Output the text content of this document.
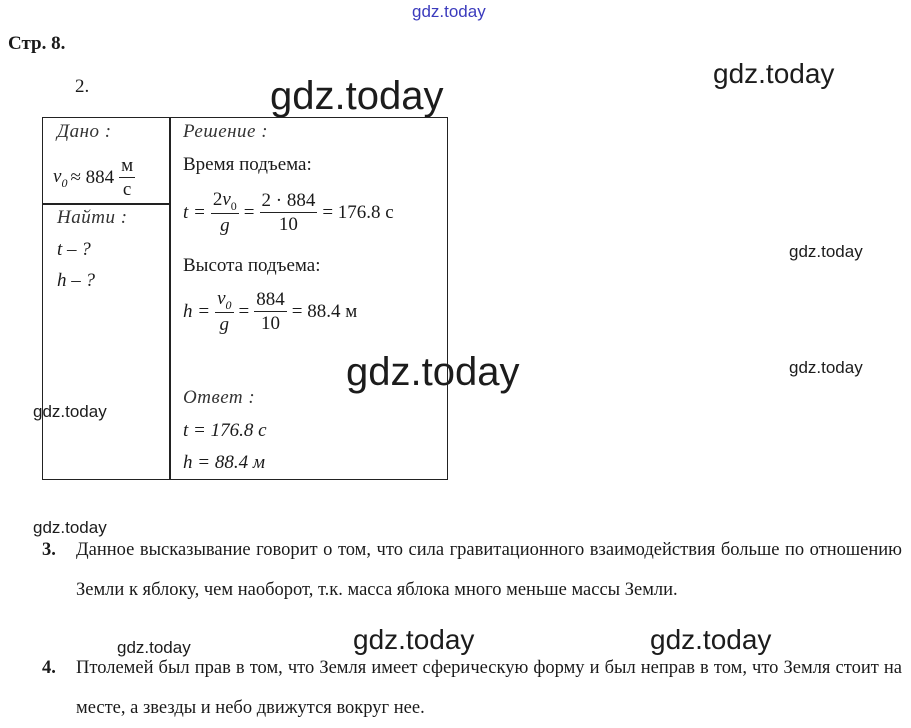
gdz.today
gdz.today
gdz.today
gdz.today
gdz.today	gdz.today
gdz.today
gdz.today
gdz.today	gdz.today
gdz.today
Стр. 8.
2.
Дано :
$v_0 \approx 884 \frac{м}{с}$
Найти :
t – ?
h – ?
Решение :
Время подъема:
$t = \frac{2v_0}{g} = \frac{2 \cdot 884}{10} = 176.8$ с
Высота подъема:
$h = \frac{v_0}{g} = \frac{884}{10} = 88.4$ м
Ответ :
t = 176.8 с
h = 88.4 м
3. Данное высказывание говорит о том, что сила гравитационного взаимодействия больше по отношению Земли к яблоку, чем наоборот, т.к. масса яблока много меньше массы Земли.
4. Птолемей был прав в том, что Земля имеет сферическую форму и был неправ в том, что Земля стоит на месте, а звезды и небо движутся вокруг нее.
